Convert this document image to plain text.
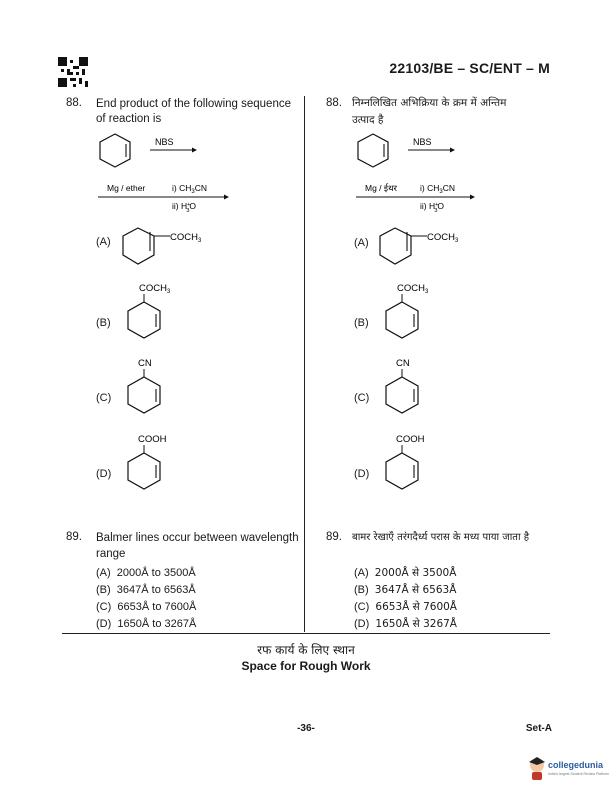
22103/BE – SC/ENT – M
88. End product of the following sequence of reaction is
NBS
Mg / ether	i) $CH_3CN$
ii) H+ 3O
(A)	$COCH_3$
(B)
$COCH_3$
(C)
CN
(D)
COOH
88. निम्नलिखित अभिक्रिया के क्रम में अन्तिम
उत्पाद है
NBS
Mg / ईथर	i) $CH_3CN$
ii) H+ 3O
(A)	$COCH_3$
(B)
$COCH_3$
(C)
CN
(D)
COOH
89. Balmer lines occur between wavelength
range
(A) 2000Å to 3500Å
(B) 3647Å to 6563Å
(C) 6653Å to 7600Å
(D) 1650Å to 3267Å
89. बामर रेखाएँ तरंगदैर्ध्य परास के मध्य पाया जाता है
(A) 2000Å से 3500Å
(B) 3647Å से 6563Å
(C) 6653Å से 7600Å
(D) 1650Å से 3267Å
रफ कार्य के लिए स्थान
Space for Rough Work
-36-	Set-A
collegedunia
India's largest Student Review Platform
